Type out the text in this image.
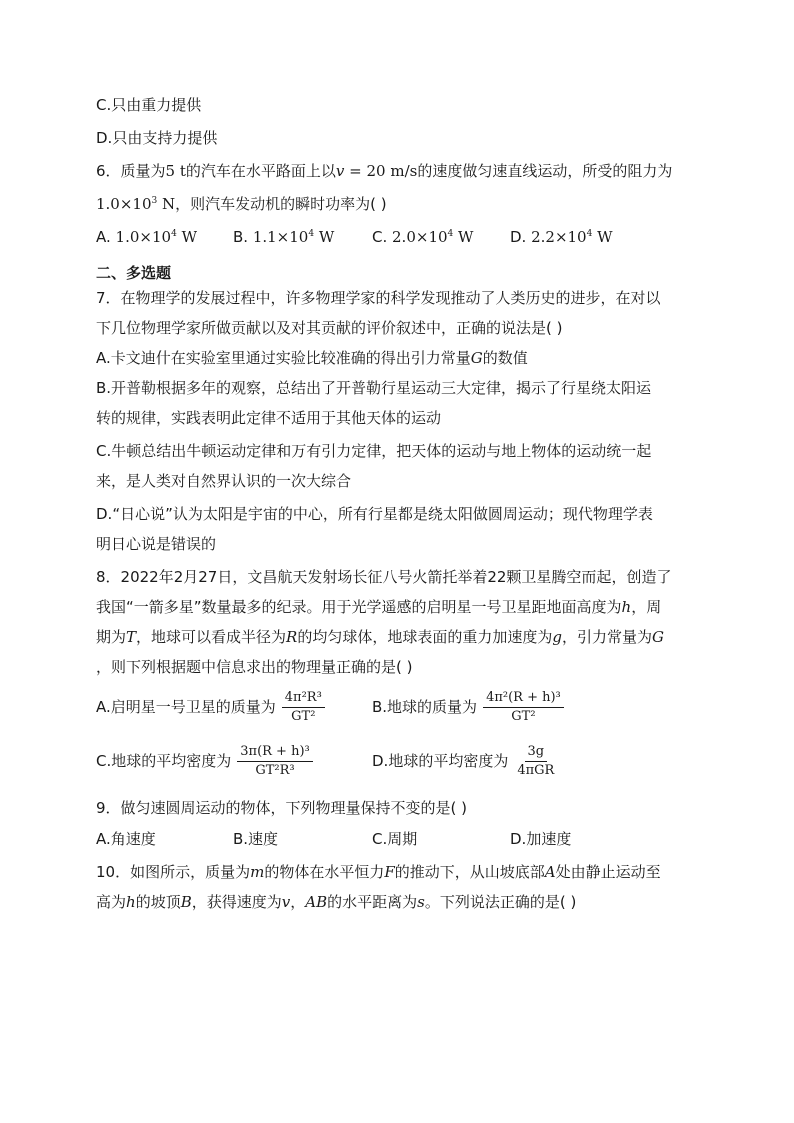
C.只由重力提供
D.只由支持力提供
6．质量为5 t的汽车在水平路面上以v = 20 m/s的速度做匀速直线运动，所受的阻力为
$1.0\times 10^3$ N，则汽车发动机的瞬时功率为( )
A. $1.0\times 10^4$ W B. $1.1\times 10^4$ W	C. $2.0\times 10^4$ W D. $2.2\times 10^4$ W
二、多选题
7．在物理学的发展过程中，许多物理学家的科学发现推动了人类历史的进步，在对以
下几位物理学家所做贡献以及对其贡献的评价叙述中，正确的说法是( )
A.卡文迪什在实验室里通过实验比较准确的得出引力常量G的数值
B.开普勒根据多年的观察，总结出了开普勒行星运动三大定律，揭示了行星绕太阳运
转的规律，实践表明此定律不适用于其他天体的运动
C.牛顿总结出牛顿运动定律和万有引力定律，把天体的运动与地上物体的运动统一起
来，是人类对自然界认识的一次大综合
D.“日心说”认为太阳是宇宙的中心，所有行星都是绕太阳做圆周运动；现代物理学表
明日心说是错误的
8．2022年2月27日，文昌航天发射场长征八号火箭托举着22颗卫星腾空而起，创造了
我国“一箭多星”数量最多的纪录。用于光学遥感的启明星一号卫星距地面高度为h，周
期为T，地球可以看成半径为R的均匀球体，地球表面的重力加速度为g，引力常量为G
，则下列根据题中信息求出的物理量正确的是( )
A.启明星一号卫星的质量为 $\frac{\text{4π²R³}}{\text{GT²}}$	B.地球的质量为 $\frac{\text{4π²(R + h)³}}{\text{GT²}}$
C.地球的平均密度为 $\frac{\text{3π(R + h)³}}{\text{GT²R³}}$	D.地球的平均密度为 $\frac{3g}{\text{4πGR}}$
9．做匀速圆周运动的物体，下列物理量保持不变的是( )
A.角速度	B.速度	C.周期	D.加速度
10．如图所示，质量为m的物体在水平恒力F的推动下，从山坡底部A处由静止运动至
高为h的坡顶B，获得速度为v，AB的水平距离为s。下列说法正确的是( )
